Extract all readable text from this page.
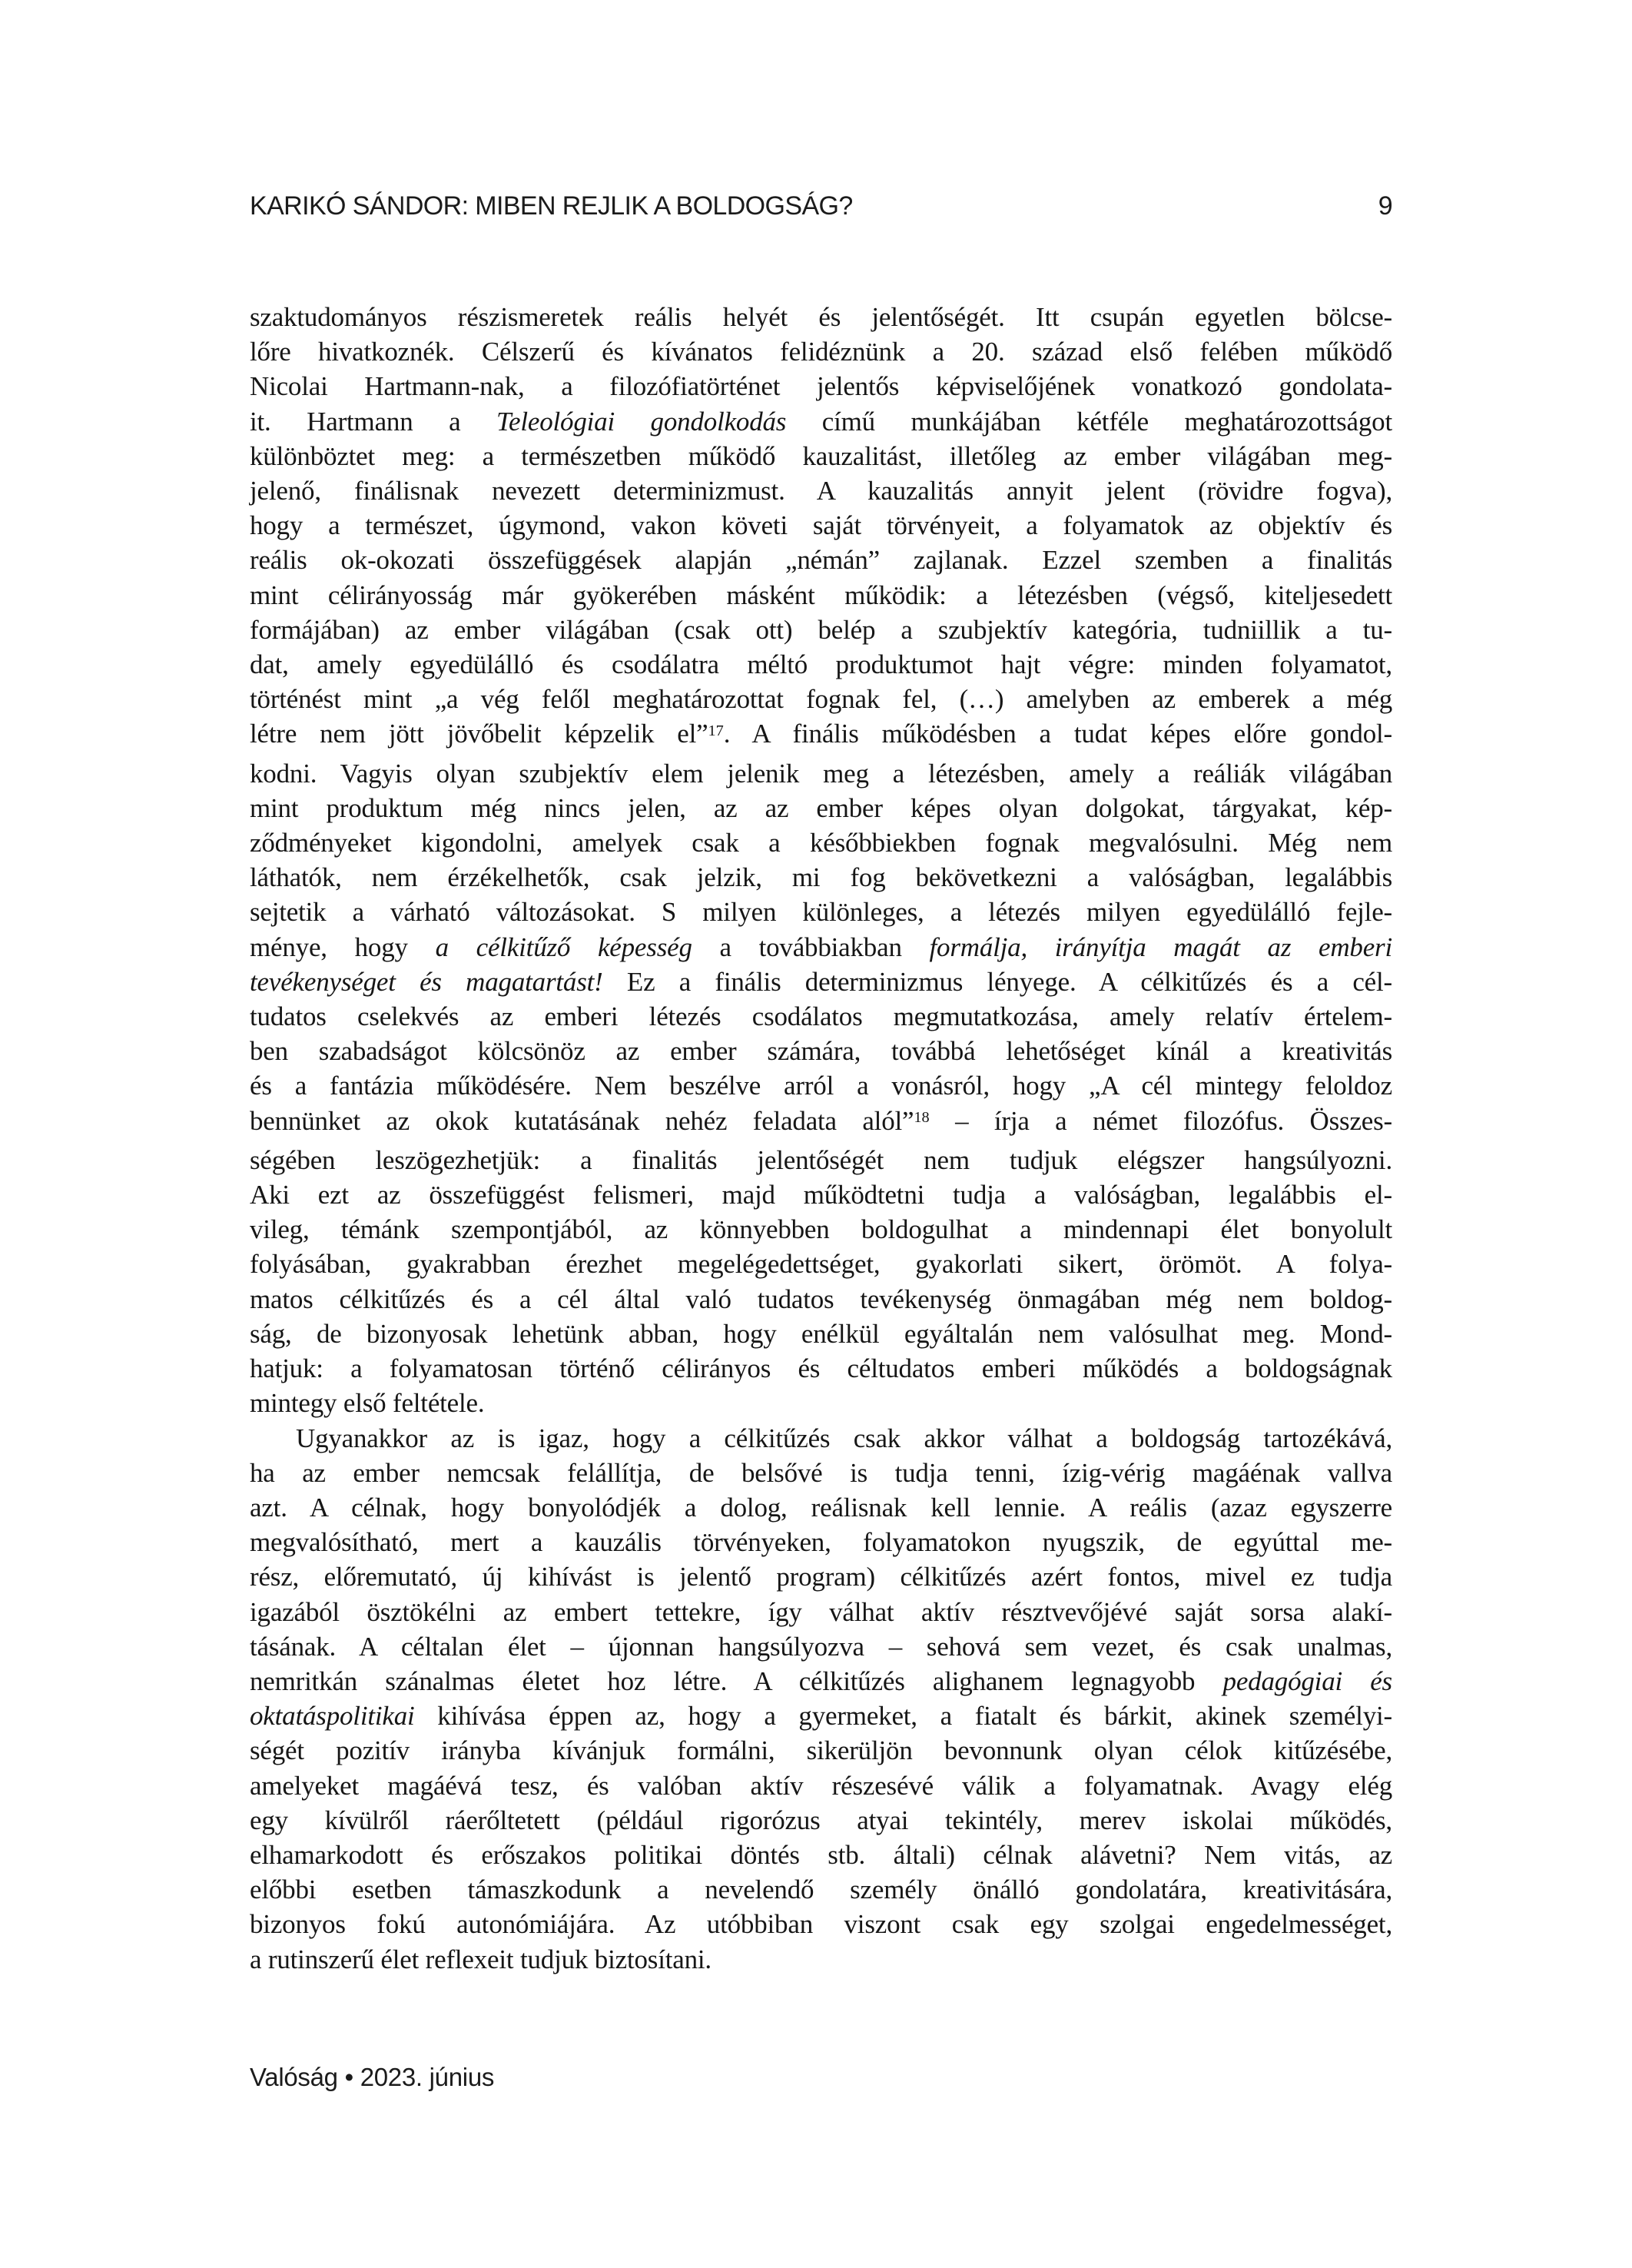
KARIKÓ SÁNDOR: MIBEN REJLIK A BOLDOGSÁG?	9
szaktudományos részismeretek reális helyét és jelentőségét. Itt csupán egyetlen bölcse-
lőre hivatkoznék. Célszerű és kívánatos felidéznünk a 20. század első felében működő
Nicolai Hartmann-nak, a filozófiatörténet jelentős képviselőjének vonatkozó gondolata-
it. Hartmann a Teleológiai gondolkodás című munkájában kétféle meghatározottságot
különböztet meg: a természetben működő kauzalitást, illetőleg az ember világában meg-
jelenő, finálisnak nevezett determinizmust. A kauzalitás annyit jelent (rövidre fogva),
hogy a természet, úgymond, vakon követi saját törvényeit, a folyamatok az objektív és
reális ok-okozati összefüggések alapján „némán” zajlanak. Ezzel szemben a finalitás
mint célirányosság már gyökerében másként működik: a létezésben (végső, kiteljesedett
formájában) az ember világában (csak ott) belép a szubjektív kategória, tudniillik a tu-
dat, amely egyedülálló és csodálatra méltó produktumot hajt végre: minden folyamatot,
történést mint „a vég felől meghatározottat fognak fel, (…) amelyben az emberek a még
létre nem jött jövőbelit képzelik el”$^{17}$. A finális működésben a tudat képes előre gondol-
kodni. Vagyis olyan szubjektív elem jelenik meg a létezésben, amely a reáliák világában
mint produktum még nincs jelen, az az ember képes olyan dolgokat, tárgyakat, kép-
ződményeket kigondolni, amelyek csak a későbbiekben fognak megvalósulni. Még nem
láthatók, nem érzékelhetők, csak jelzik, mi fog bekövetkezni a valóságban, legalábbis
sejtetik a várható változásokat. S milyen különleges, a létezés milyen egyedülálló fejle-
ménye, hogy a célkitűző képesség a továbbiakban formálja, irányítja magát az emberi
tevékenységet és magatartást! Ez a finális determinizmus lényege. A célkitűzés és a cél-
tudatos cselekvés az emberi létezés csodálatos megmutatkozása, amely relatív értelem-
ben szabadságot kölcsönöz az ember számára, továbbá lehetőséget kínál a kreativitás
és a fantázia működésére. Nem beszélve arról a vonásról, hogy „A cél mintegy feloldoz
bennünket az okok kutatásának nehéz feladata alól”$^{18}$ – írja a német filozófus. Összes-
ségében leszögezhetjük: a finalitás jelentőségét nem tudjuk elégszer hangsúlyozni.
Aki ezt az összefüggést felismeri, majd működtetni tudja a valóságban, legalábbis el-
vileg, témánk szempontjából, az könnyebben boldogulhat a mindennapi élet bonyolult
folyásában, gyakrabban érezhet megelégedettséget, gyakorlati sikert, örömöt. A folya-
matos célkitűzés és a cél által való tudatos tevékenység önmagában még nem boldog-
ság, de bizonyosak lehetünk abban, hogy enélkül egyáltalán nem valósulhat meg. Mond-
hatjuk: a folyamatosan történő célirányos és céltudatos emberi működés a boldogságnak
mintegy első feltétele.
Ugyanakkor az is igaz, hogy a célkitűzés csak akkor válhat a boldogság tartozékává,
ha az ember nemcsak felállítja, de belsővé is tudja tenni, ízig-vérig magáénak vallva
azt. A célnak, hogy bonyolódjék a dolog, reálisnak kell lennie. A reális (azaz egyszerre
megvalósítható, mert a kauzális törvényeken, folyamatokon nyugszik, de egyúttal me-
rész, előremutató, új kihívást is jelentő program) célkitűzés azért fontos, mivel ez tudja
igazából ösztökélni az embert tettekre, így válhat aktív résztvevőjévé saját sorsa alakí-
tásának. A céltalan élet – újonnan hangsúlyozva – sehová sem vezet, és csak unalmas,
nemritkán szánalmas életet hoz létre. A célkitűzés alighanem legnagyobb pedagógiai és
oktatáspolitikai kihívása éppen az, hogy a gyermeket, a fiatalt és bárkit, akinek személyi-
ségét pozitív irányba kívánjuk formálni, sikerüljön bevonnunk olyan célok kitűzésébe,
amelyeket magáévá tesz, és valóban aktív részesévé válik a folyamatnak. Avagy elég
egy kívülről ráerőltetett (például rigorózus atyai tekintély, merev iskolai működés,
elhamarkodott és erőszakos politikai döntés stb. általi) célnak alávetni? Nem vitás, az
előbbi esetben támaszkodunk a nevelendő személy önálló gondolatára, kreativitására,
bizonyos fokú autonómiájára. Az utóbbiban viszont csak egy szolgai engedelmességet,
a rutinszerű élet reflexeit tudjuk biztosítani.
Valóság • 2023. június
